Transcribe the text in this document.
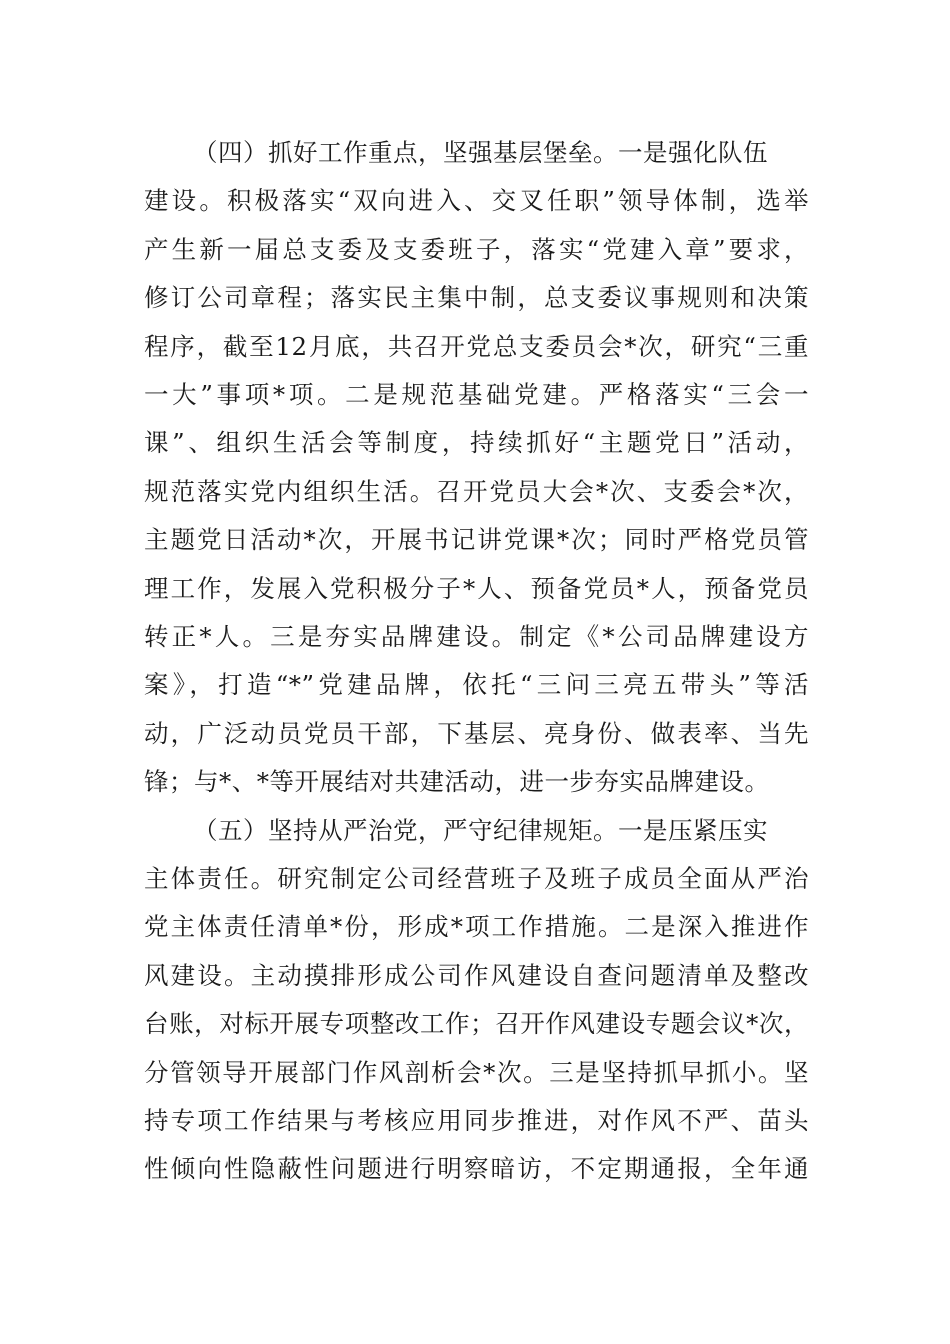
（四）抓好工作重点，坚强基层堡垒。一是强化队伍
建设。积极落实“双向进入、交叉任职”领导体制，选举
产生新一届总支委及支委班子，落实“党建入章”要求，
修订公司章程；落实民主集中制，总支委议事规则和决策
程序，截至12月底，共召开党总支委员会*次，研究“三重
一大”事项*项。二是规范基础党建。严格落实“三会一
课”、组织生活会等制度，持续抓好“主题党日”活动，
规范落实党内组织生活。召开党员大会*次、支委会*次，
主题党日活动*次，开展书记讲党课*次；同时严格党员管
理工作，发展入党积极分子*人、预备党员*人，预备党员
转正*人。三是夯实品牌建设。制定《*公司品牌建设方
案》，打造“*”党建品牌，依托“三问三亮五带头”等活
动，广泛动员党员干部，下基层、亮身份、做表率、当先
锋；与*、*等开展结对共建活动，进一步夯实品牌建设。
（五）坚持从严治党，严守纪律规矩。一是压紧压实
主体责任。研究制定公司经营班子及班子成员全面从严治
党主体责任清单*份，形成*项工作措施。二是深入推进作
风建设。主动摸排形成公司作风建设自查问题清单及整改
台账，对标开展专项整改工作；召开作风建设专题会议*次，
分管领导开展部门作风剖析会*次。三是坚持抓早抓小。坚
持专项工作结果与考核应用同步推进，对作风不严、苗头
性倾向性隐蔽性问题进行明察暗访，不定期通报，全年通
